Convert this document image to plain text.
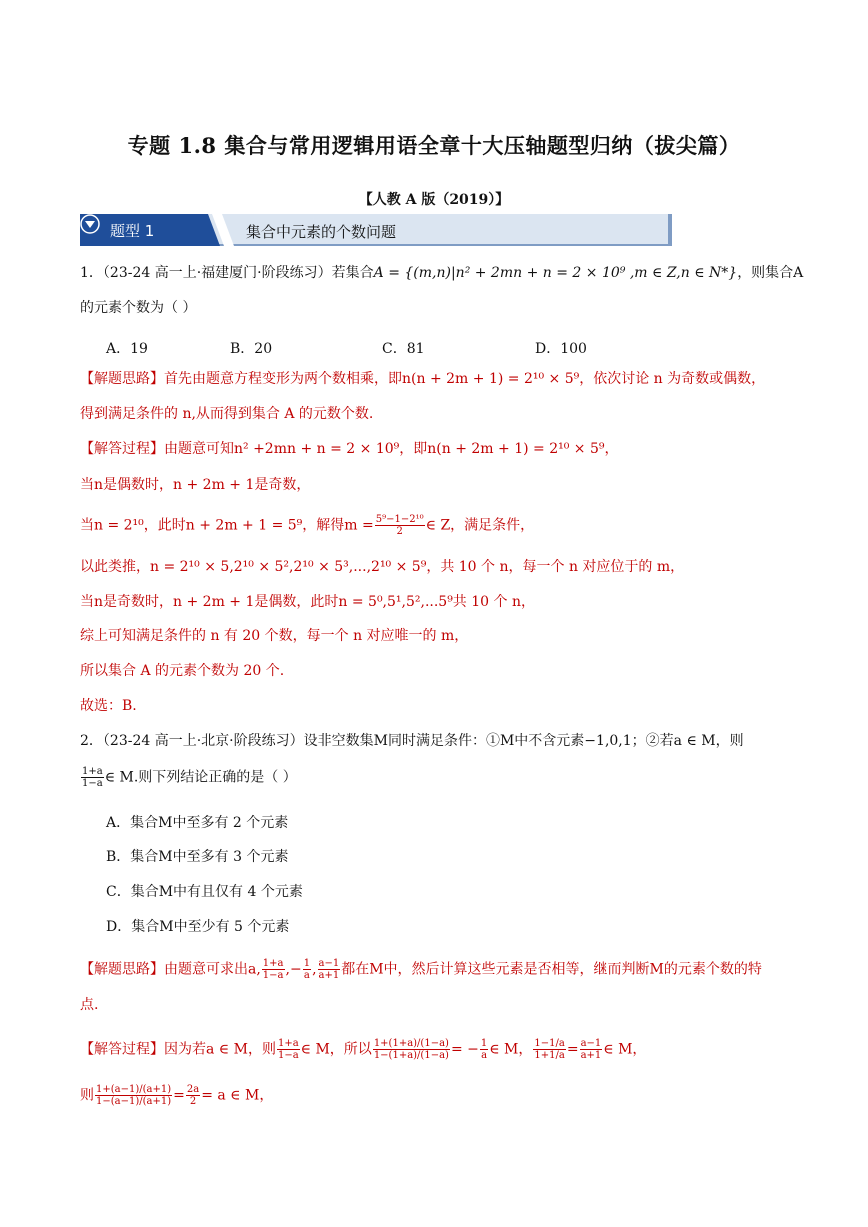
专题 1.8 集合与常用逻辑用语全章十大压轴题型归纳（拔尖篇）
【人教 A 版（2019）】
题型 1	集合中元素的个数问题
1．（23-24 高一上·福建厦门·阶段练习）若集合A = {(m,n)|n² + 2mn + n = 2 × 10⁹ ,m ∈ Z,n ∈ N*}，则集合A
的元素个数为（ ）
A．19	B．20	C．81	D．100
【解题思路】首先由题意方程变形为两个数相乘，即n(n + 2m + 1) = 2¹⁰ × 5⁹，依次讨论 n 为奇数或偶数，
得到满足条件的 n,从而得到集合 A 的元数个数.
【解答过程】由题意可知n² +2mn + n = 2 × 10⁹，即n(n + 2m + 1) = 2¹⁰ × 5⁹，
当n是偶数时，n + 2m + 1是奇数，
当n = 2¹⁰，此时n + 2m + 1 = 5⁹，解得$m = \frac{\text{5⁹−1−2¹⁰}}{2}$ ∈ Z，满足条件，
以此类推，n = 2¹⁰ × 5,2¹⁰ × 5²,2¹⁰ × 5³,...,2¹⁰ × 5⁹，共 10 个 n，每一个 n 对应位于的 m，
当n是奇数时，n + 2m + 1是偶数，此时n = 5⁰,5¹,5²,...5⁹共 10 个 n，
综上可知满足条件的 n 有 20 个数，每一个 n 对应唯一的 m，
所以集合 A 的元素个数为 20 个.
故选：B.
2．（23-24 高一上·北京·阶段练习）设非空数集M同时满足条件：①M中不含元素−1,0,1；②若a ∈ M，则
$\frac{1+a}{1-a}$ ∈ M.则下列结论正确的是（ ）
A．集合M中至多有 2 个元素
B．集合M中至多有 3 个元素
C．集合M中有且仅有 4 个元素
D．集合M中至少有 5 个元素
【解题思路】由题意可求出a, $\frac{1+a}{1-a}$ ,− $\frac{1}{a}$ , $\frac{a-1}{a+1}$ 都在M中，然后计算这些元素是否相等，继而判断M的元素个数的特
点.
【解答过程】因为若a ∈ M，则 $\frac{1+a}{1-a}$ ∈ M，所以 $\frac{1+(1+a)/(1-a)}{1-(1+a)/(1-a)}$ = − $\frac{1}{a}$ ∈ M， $\frac{1-1/a}{1+1/a} = \frac{a-1}{a+1}$ ∈ M，
则 $\frac{1+(a-1)/(a+1)}{1-(a-1)/(a+1)} = \frac{2a}{2} = a$ ∈ M，
